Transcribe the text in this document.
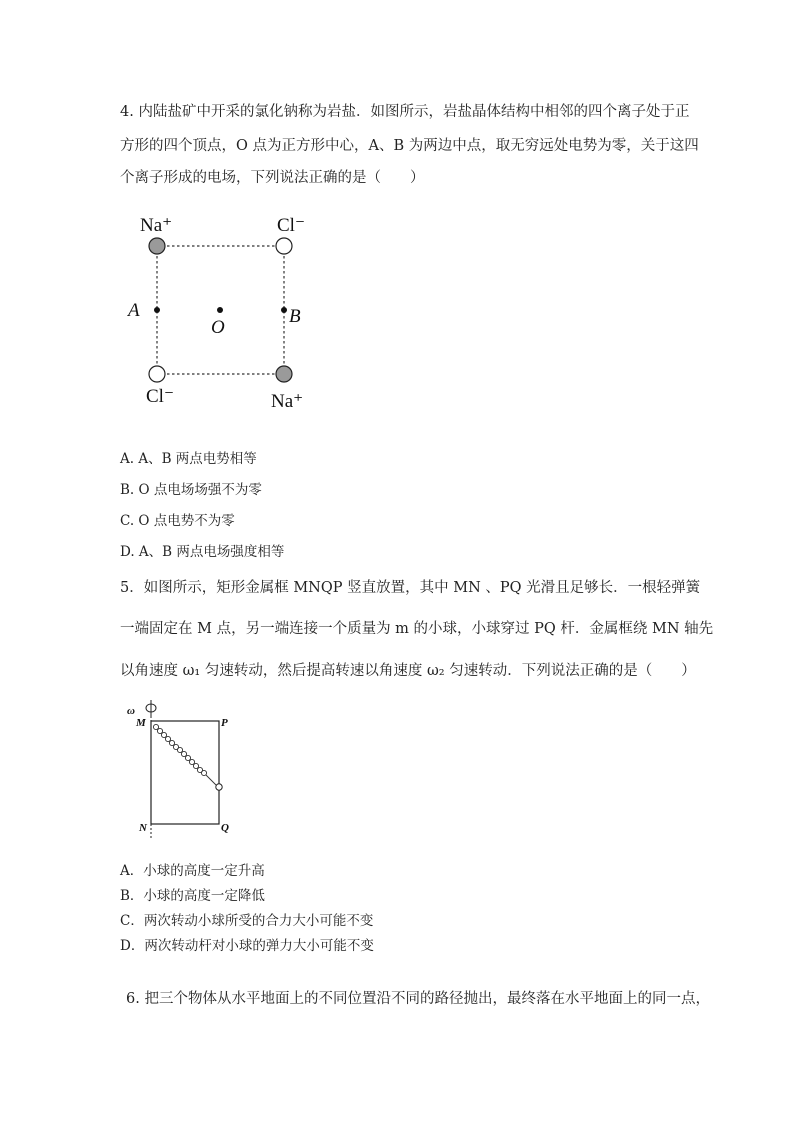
4. 内陆盐矿中开采的氯化钠称为岩盐．如图所示，岩盐晶体结构中相邻的四个离子处于正
方形的四个顶点，O 点为正方形中心，A、B 为两边中点，取无穷远处电势为零，关于这四
个离子形成的电场，下列说法正确的是（　　）
Na⁺	Cl⁻
Cl⁻	Na⁺
A
O
B
A. A、B 两点电势相等
B. O 点电场场强不为零
C. O 点电势不为零
D. A、B 两点电场强度相等
5．如图所示，矩形金属框 MNQP 竖直放置，其中 MN 、PQ 光滑且足够长．一根轻弹簧
一端固定在 M 点，另一端连接一个质量为 m 的小球，小球穿过 PQ 杆．金属框绕 MN 轴先
以角速度 ω₁ 匀速转动，然后提高转速以角速度 ω₂ 匀速转动．下列说法正确的是（　　）
ω
M	P
N	Q
A．小球的高度一定升高
B．小球的高度一定降低
C．两次转动小球所受的合力大小可能不变
D．两次转动杆对小球的弹力大小可能不变
6. 把三个物体从水平地面上的不同位置沿不同的路径抛出，最终落在水平地面上的同一点，
